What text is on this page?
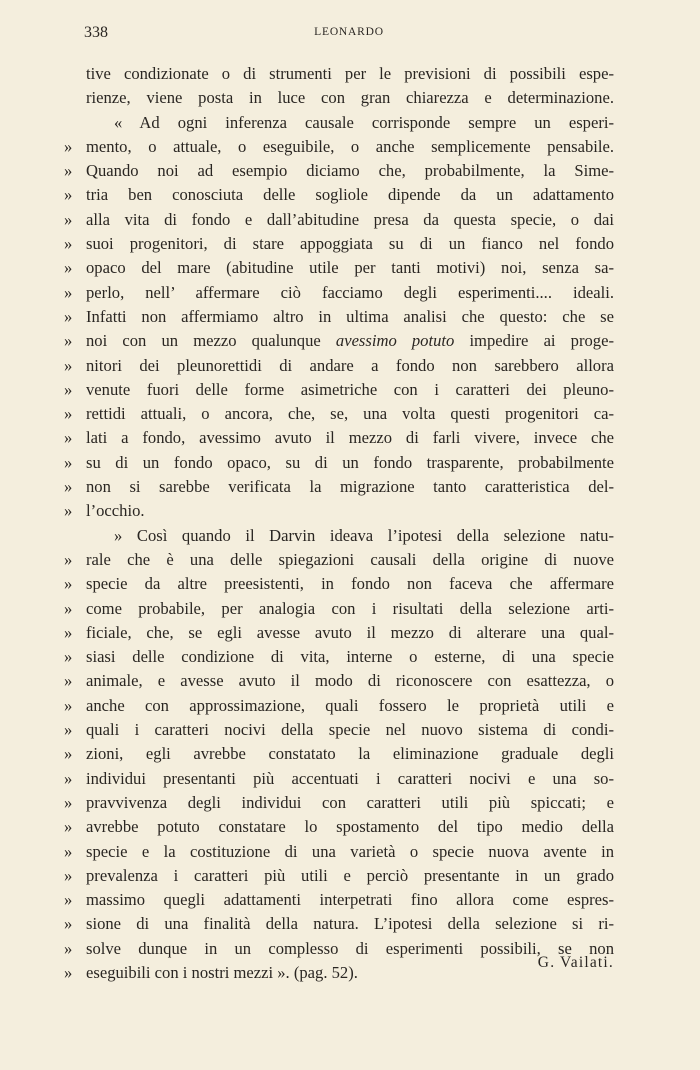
338	LEONARDO
tive condizionate o di strumenti per le previsioni di possibili espe-
rienze, viene posta in luce con gran chiarezza e determinazione.
« Ad ogni inferenza causale corrisponde sempre un esperi-
» mento, o attuale, o eseguibile, o anche semplicemente pensabile.
» Quando noi ad esempio diciamo che, probabilmente, la Sime-
» tria ben conosciuta delle sogliole dipende da un adattamento
» alla vita di fondo e dall’abitudine presa da questa specie, o dai
» suoi progenitori, di stare appoggiata su di un fianco nel fondo
» opaco del mare (abitudine utile per tanti motivi) noi, senza sa-
» perlo, nell’ affermare ciò facciamo degli esperimenti.... ideali.
» Infatti non affermiamo altro in ultima analisi che questo: che se
» noi con un mezzo qualunque avessimo potuto impedire ai proge-
» nitori dei pleunorettidi di andare a fondo non sarebbero allora
» venute fuori delle forme asimetriche con i caratteri dei pleuno-
» rettidi attuali, o ancora, che, se, una volta questi progenitori ca-
» lati a fondo, avessimo avuto il mezzo di farli vivere, invece che
» su di un fondo opaco, su di un fondo trasparente, probabilmente
» non si sarebbe verificata la migrazione tanto caratteristica del-
» l’occhio.
» Così quando il Darvin ideava l’ipotesi della selezione natu-
» rale che è una delle spiegazioni causali della origine di nuove
» specie da altre preesistenti, in fondo non faceva che affermare
» come probabile, per analogia con i risultati della selezione arti-
» ficiale, che, se egli avesse avuto il mezzo di alterare una qual-
» siasi delle condizione di vita, interne o esterne, di una specie
» animale, e avesse avuto il modo di riconoscere con esattezza, o
» anche con approssimazione, quali fossero le proprietà utili e
» quali i caratteri nocivi della specie nel nuovo sistema di condi-
» zioni, egli avrebbe constatato la eliminazione graduale degli
» individui presentanti più accentuati i caratteri nocivi e una so-
» pravvivenza degli individui con caratteri utili più spiccati; e
» avrebbe potuto constatare lo spostamento del tipo medio della
» specie e la costituzione di una varietà o specie nuova avente in
» prevalenza i caratteri più utili e perciò presentante in un grado
» massimo quegli adattamenti interpetrati fino allora come espres-
» sione di una finalità della natura. L’ipotesi della selezione si ri-
» solve dunque in un complesso di esperimenti possibili, se non
» eseguibili con i nostri mezzi ». (pag. 52).
G. Vailati.
